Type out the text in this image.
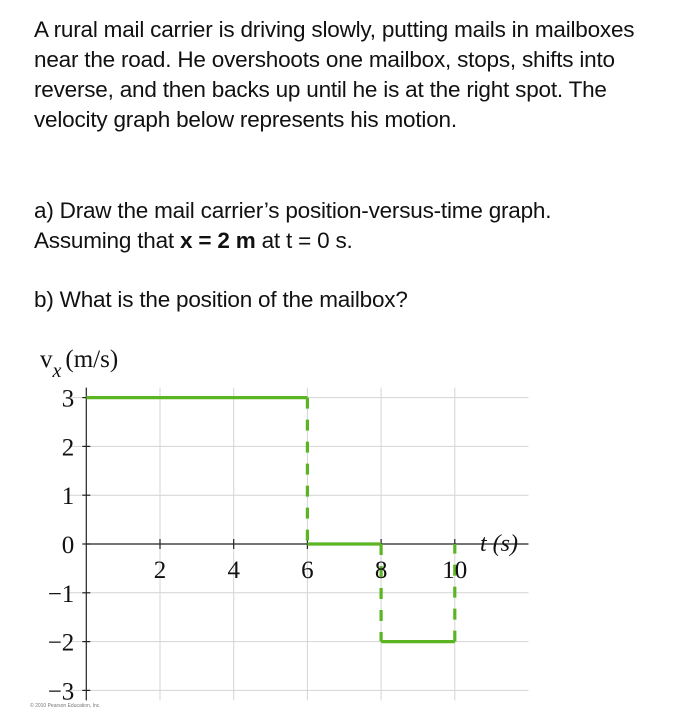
A rural mail carrier is driving slowly, putting mails in mailboxes near the road. He overshoots one mailbox, stops, shifts into reverse, and then backs up until he is at the right spot. The velocity graph below represents his motion.

a) Draw the mail carrier’s position-versus-time graph.
Assuming that x = 2 m at t = 0 s.

b) What is the position of the mailbox?

3
2
1
0
−1
−2
−3
2 4 6 8 10
$v_x$ (m/s)
t (s)
© 2010 Pearson Education, Inc.
